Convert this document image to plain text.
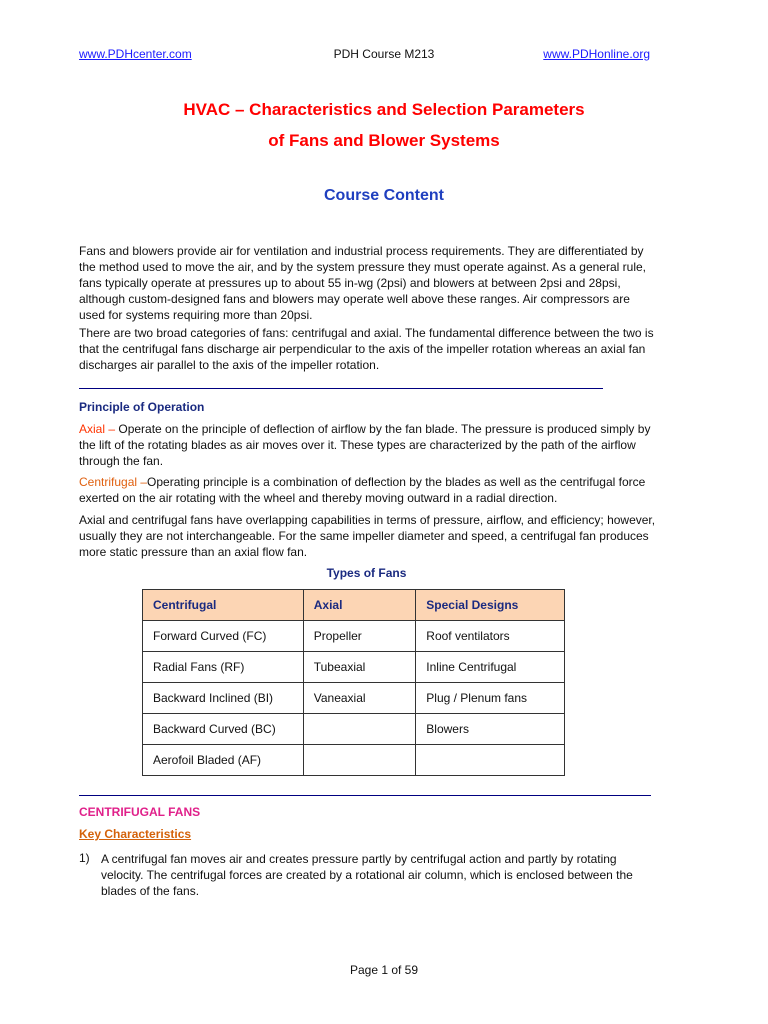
www.PDHcenter.com	PDH Course M213	www.PDHonline.org
HVAC – Characteristics and Selection Parameters
of Fans and Blower Systems
Course Content

Fans and blowers provide air for ventilation and industrial process requirements. They are differentiated by the method used to move the air, and by the system pressure they must operate against. As a general rule, fans typically operate at pressures up to about 55 in-wg (2psi) and blowers at between 2psi and 28psi, although custom-designed fans and blowers may operate well above these ranges. Air compressors are used for systems requiring more than 20psi.

There are two broad categories of fans: centrifugal and axial. The fundamental difference between the two is that the centrifugal fans discharge air perpendicular to the axis of the impeller rotation whereas an axial fan discharges air parallel to the axis of the impeller rotation.

Principle of Operation

Axial – Operate on the principle of deflection of airflow by the fan blade. The pressure is produced simply by the lift of the rotating blades as air moves over it. These types are characterized by the path of the airflow through the fan.

Centrifugal –Operating principle is a combination of deflection by the blades as well as the centrifugal force exerted on the air rotating with the wheel and thereby moving outward in a radial direction.

Axial and centrifugal fans have overlapping capabilities in terms of pressure, airflow, and efficiency; however, usually they are not interchangeable. For the same impeller diameter and speed, a centrifugal fan produces more static pressure than an axial flow fan.

Types of Fans
Centrifugal	Axial	Special Designs
Forward Curved (FC)	Propeller	Roof ventilators
Radial Fans (RF)	Tubeaxial	Inline Centrifugal
Backward Inclined (BI)	Vaneaxial	Plug / Plenum fans
Backward Curved (BC)		Blowers
Aerofoil Bladed (AF)		
CENTRIFUGAL FANS
Key Characteristics
1) A centrifugal fan moves air and creates pressure partly by centrifugal action and partly by rotating velocity. The centrifugal forces are created by a rotational air column, which is enclosed between the blades of the fans.

Page 1 of 59
